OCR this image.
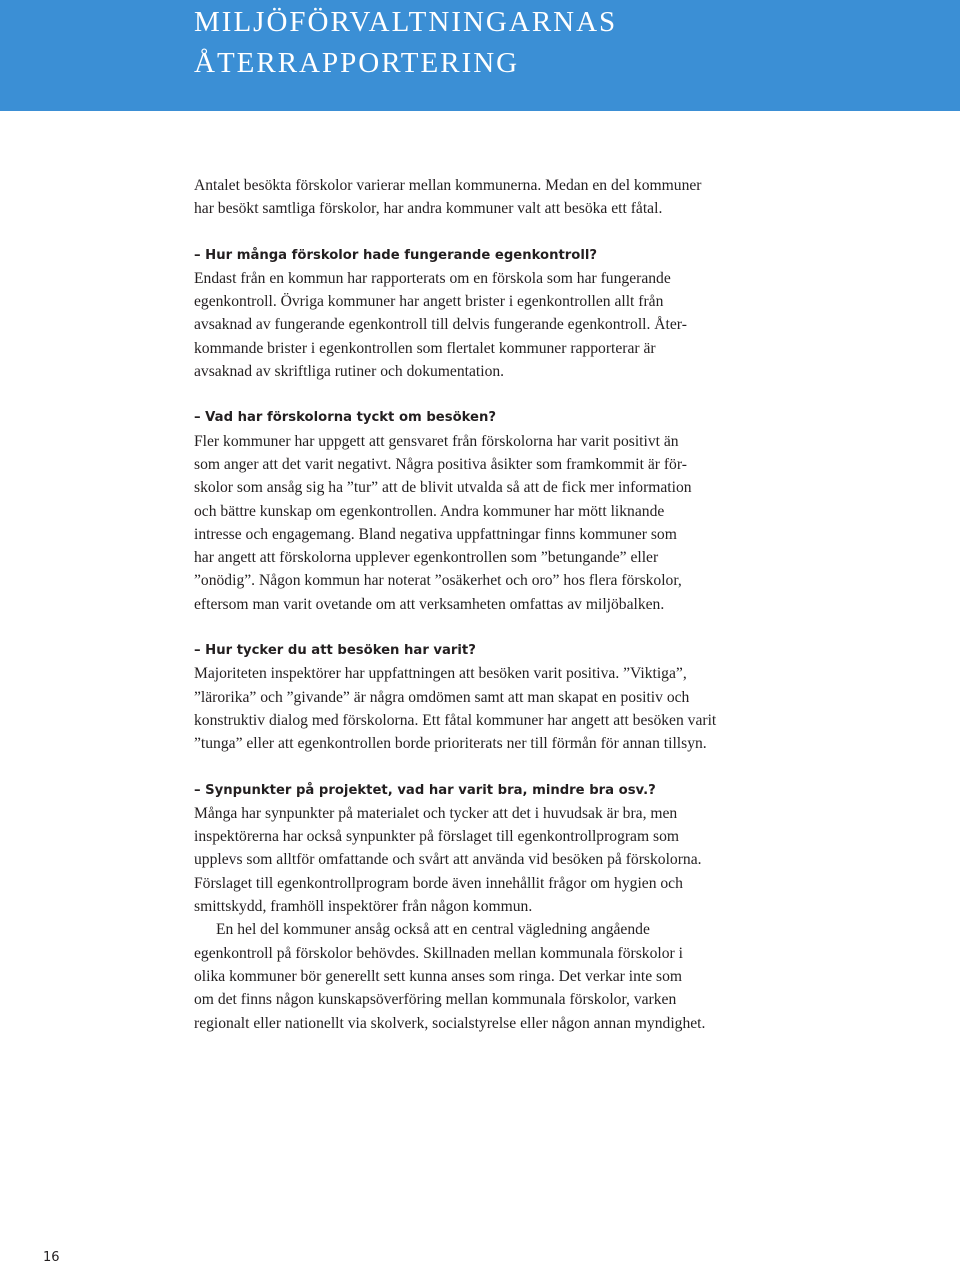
MILJÖFÖRVALTNINGARNAS
ÅTERRAPPORTERING

Antalet besökta förskolor varierar mellan kommunerna. Medan en del kommuner
har besökt samtliga förskolor, har andra kommuner valt att besöka ett fåtal.

– Hur många förskolor hade fungerande egenkontroll?

Endast från en kommun har rapporterats om en förskola som har fungerande
egenkontroll. Övriga kommuner har angett brister i egenkontrollen allt från
avsaknad av fungerande egenkontroll till delvis fungerande egenkontroll. Åter-
kommande brister i egenkontrollen som flertalet kommuner rapporterar är
avsaknad av skriftliga rutiner och dokumentation.

– Vad har förskolorna tyckt om besöken?

Fler kommuner har uppgett att gensvaret från förskolorna har varit positivt än
som anger att det varit negativt. Några positiva åsikter som framkommit är för-
skolor som ansåg sig ha ”tur” att de blivit utvalda så att de fick mer information
och bättre kunskap om egenkontrollen. Andra kommuner har mött liknande
intresse och engagemang. Bland negativa uppfattningar finns kommuner som
har angett att förskolorna upplever egenkontrollen som ”betungande” eller
”onödig”. Någon kommun har noterat ”osäkerhet och oro” hos flera förskolor,
eftersom man varit ovetande om att verksamheten omfattas av miljöbalken.

– Hur tycker du att besöken har varit?

Majoriteten inspektörer har uppfattningen att besöken varit positiva. ”Viktiga”,
”lärorika” och ”givande” är några omdömen samt att man skapat en positiv och
konstruktiv dialog med förskolorna. Ett fåtal kommuner har angett att besöken varit
”tunga” eller att egenkontrollen borde prioriterats ner till förmån för annan tillsyn.

– Synpunkter på projektet, vad har varit bra, mindre bra osv.?

Många har synpunkter på materialet och tycker att det i huvudsak är bra, men
inspektörerna har också synpunkter på förslaget till egenkontrollprogram som
upplevs som alltför omfattande och svårt att använda vid besöken på förskolorna.
Förslaget till egenkontrollprogram borde även innehållit frågor om hygien och
smittskydd, framhöll inspektörer från någon kommun.

En hel del kommuner ansåg också att en central vägledning angående
egenkontroll på förskolor behövdes. Skillnaden mellan kommunala förskolor i
olika kommuner bör generellt sett kunna anses som ringa. Det verkar inte som
om det finns någon kunskapsöverföring mellan kommunala förskolor, varken
regionalt eller nationellt via skolverk, socialstyrelse eller någon annan myndighet.

16
